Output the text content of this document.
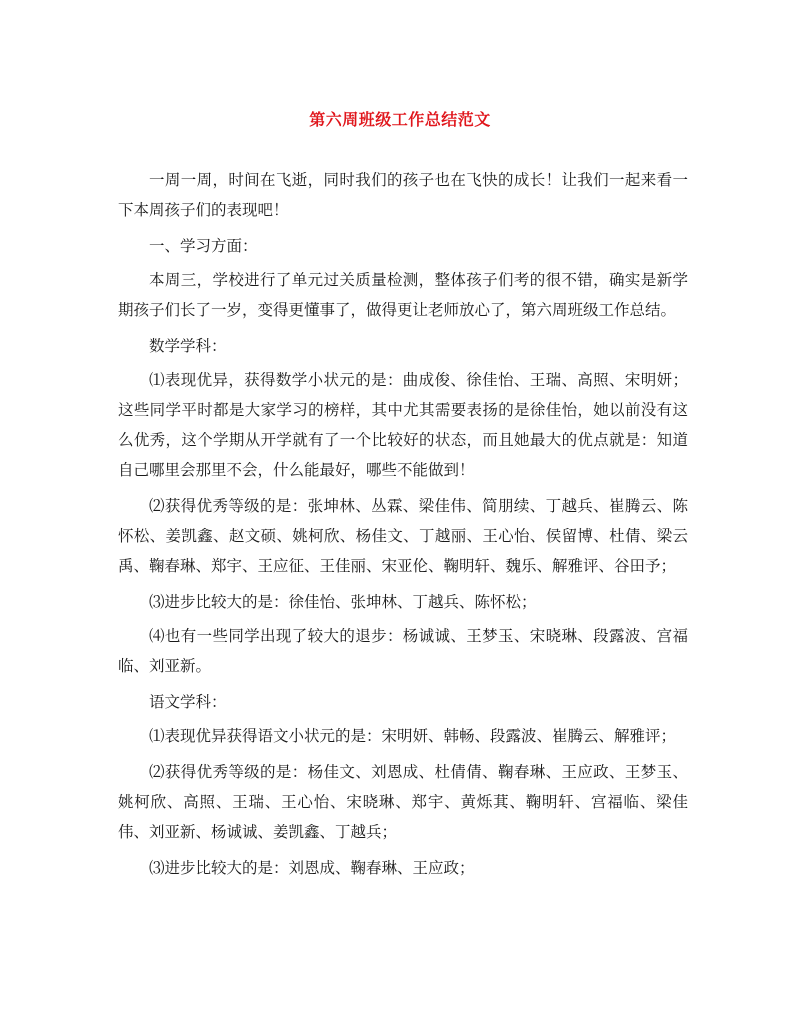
第六周班级工作总结范文

一周一周，时间在飞逝，同时我们的孩子也在飞快的成长！让我们一起来看一下本周孩子们的表现吧！

一、学习方面：

本周三，学校进行了单元过关质量检测，整体孩子们考的很不错，确实是新学期孩子们长了一岁，变得更懂事了，做得更让老师放心了，第六周班级工作总结。

数学学科：

⑴表现优异，获得数学小状元的是：曲成俊、徐佳怡、王瑞、高照、宋明妍；这些同学平时都是大家学习的榜样，其中尤其需要表扬的是徐佳怡，她以前没有这么优秀，这个学期从开学就有了一个比较好的状态，而且她最大的优点就是：知道自己哪里会那里不会，什么能最好，哪些不能做到！

⑵获得优秀等级的是：张坤林、丛霖、梁佳伟、简朋续、丁越兵、崔腾云、陈怀松、姜凯鑫、赵文硕、姚柯欣、杨佳文、丁越丽、王心怡、侯留博、杜倩、梁云禹、鞠春琳、郑宇、王应征、王佳丽、宋亚伦、鞠明轩、魏乐、解雅评、谷田予；

⑶进步比较大的是：徐佳怡、张坤林、丁越兵、陈怀松；

⑷也有一些同学出现了较大的退步：杨诚诚、王梦玉、宋晓琳、段露波、宫福临、刘亚新。

语文学科：

⑴表现优异获得语文小状元的是：宋明妍、韩畅、段露波、崔腾云、解雅评；

⑵获得优秀等级的是：杨佳文、刘恩成、杜倩倩、鞠春琳、王应政、王梦玉、姚柯欣、高照、王瑞、王心怡、宋晓琳、郑宇、黄烁萁、鞠明轩、宫福临、梁佳伟、刘亚新、杨诚诚、姜凯鑫、丁越兵；

⑶进步比较大的是：刘恩成、鞠春琳、王应政；
